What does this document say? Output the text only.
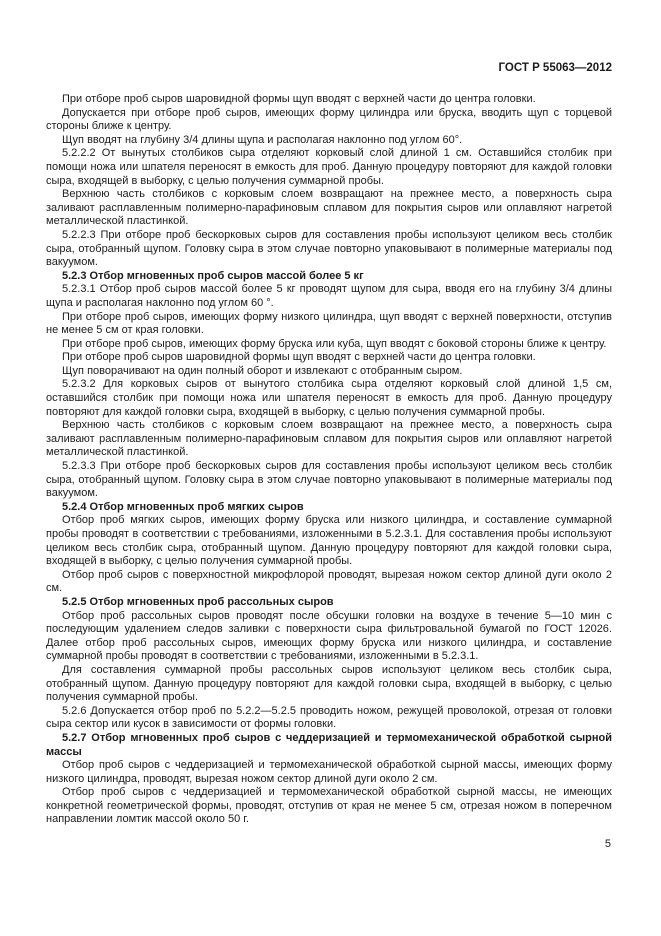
ГОСТ Р 55063—2012

При отборе проб сыров шаровидной формы щуп вводят с верхней части до центра головки.

Допускается при отборе проб сыров, имеющих форму цилиндра или бруска, вводить щуп с торцевой стороны ближе к центру.

Щуп вводят на глубину 3/4 длины щупа и располагая наклонно под углом 60°.

5.2.2.2 От вынутых столбиков сыра отделяют корковый слой длиной 1 см. Оставшийся столбик при помощи ножа или шпателя переносят в емкость для проб. Данную процедуру повторяют для каждой головки сыра, входящей в выборку, с целью получения суммарной пробы.

Верхнюю часть столбиков с корковым слоем возвращают на прежнее место, а поверхность сыра заливают расплавленным полимерно-парафиновым сплавом для покрытия сыров или оплавляют нагретой металлической пластинкой.

5.2.2.3 При отборе проб бескорковых сыров для составления пробы используют целиком весь столбик сыра, отобранный щупом. Головку сыра в этом случае повторно упаковывают в полимерные материалы под вакуумом.

5.2.3 Отбор мгновенных проб сыров массой более 5 кг

5.2.3.1 Отбор проб сыров массой более 5 кг проводят щупом для сыра, вводя его на глубину 3/4 длины щупа и располагая наклонно под углом 60 °.

При отборе проб сыров, имеющих форму низкого цилиндра, щуп вводят с верхней поверхности, отступив не менее 5 см от края головки.

При отборе проб сыров, имеющих форму бруска или куба, щуп вводят с боковой стороны ближе к центру.

При отборе проб сыров шаровидной формы щуп вводят с верхней части до центра головки.

Щуп поворачивают на один полный оборот и извлекают с отобранным сыром.

5.2.3.2 Для корковых сыров от вынутого столбика сыра отделяют корковый слой длиной 1,5 см, оставшийся столбик при помощи ножа или шпателя переносят в емкость для проб. Данную процедуру повторяют для каждой головки сыра, входящей в выборку, с целью получения суммарной пробы.

Верхнюю часть столбиков с корковым слоем возвращают на прежнее место, а поверхность сыра заливают расплавленным полимерно-парафиновым сплавом для покрытия сыров или оплавляют нагретой металлической пластинкой.

5.2.3.3 При отборе проб бескорковых сыров для составления пробы используют целиком весь столбик сыра, отобранный щупом. Головку сыра в этом случае повторно упаковывают в полимерные материалы под вакуумом.

5.2.4 Отбор мгновенных проб мягких сыров

Отбор проб мягких сыров, имеющих форму бруска или низкого цилиндра, и составление суммарной пробы проводят в соответствии с требованиями, изложенными в 5.2.3.1. Для составления пробы используют целиком весь столбик сыра, отобранный щупом. Данную процедуру повторяют для каждой головки сыра, входящей в выборку, с целью получения суммарной пробы.

Отбор проб сыров с поверхностной микрофлорой проводят, вырезая ножом сектор длиной дуги около 2 см.

5.2.5 Отбор мгновенных проб рассольных сыров

Отбор проб рассольных сыров проводят после обсушки головки на воздухе в течение 5—10 мин с последующим удалением следов заливки с поверхности сыра фильтровальной бумагой по ГОСТ 12026. Далее отбор проб рассольных сыров, имеющих форму бруска или низкого цилиндра, и составление суммарной пробы проводят в соответствии с требованиями, изложенными в 5.2.3.1.

Для составления суммарной пробы рассольных сыров используют целиком весь столбик сыра, отобранный щупом. Данную процедуру повторяют для каждой головки сыра, входящей в выборку, с целью получения суммарной пробы.

5.2.6 Допускается отбор проб по 5.2.2—5.2.5 проводить ножом, режущей проволокой, отрезая от головки сыра сектор или кусок в зависимости от формы головки.

5.2.7 Отбор мгновенных проб сыров с чеддеризацией и термомеханической обработкой сырной массы

Отбор проб сыров с чеддеризацией и термомеханической обработкой сырной массы, имеющих форму низкого цилиндра, проводят, вырезая ножом сектор длиной дуги около 2 см.

Отбор проб сыров с чеддеризацией и термомеханической обработкой сырной массы, не имеющих конкретной геометрической формы, проводят, отступив от края не менее 5 см, отрезая ножом в поперечном направлении ломтик массой около 50 г.

5
